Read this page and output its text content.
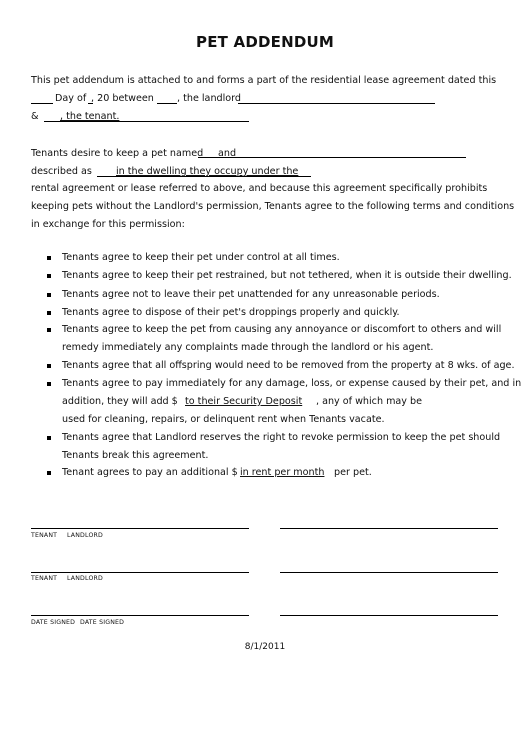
PET ADDENDUM
This pet addendum is attached to and forms a part of the residential lease agreement dated this
Day of , 20 between , the landlord
& , the tenant.
Tenants desire to keep a pet named and
described as	in the dwelling they occupy under the
rental agreement or lease referred to above, and because this agreement specifically prohibits
keeping pets without the Landlord's permission, Tenants agree to the following terms and conditions
in exchange for this permission:
Tenants agree to keep their pet under control at all times.
Tenants agree to keep their pet restrained, but not tethered, when it is outside their dwelling.
Tenants agree not to leave their pet unattended for any unreasonable periods.
Tenants agree to dispose of their pet's droppings properly and quickly.
Tenants agree to keep the pet from causing any annoyance or discomfort to others and will
remedy immediately any complaints made through the landlord or his agent.
Tenants agree that all offspring would need to be removed from the property at 8 wks. of age.
Tenants agree to pay immediately for any damage, loss, or expense caused by their pet, and in
addition, they will add $ to their Security Deposit , any of which may be
used for cleaning, repairs, or delinquent rent when Tenants vacate.
Tenants agree that Landlord reserves the right to revoke permission to keep the pet should
Tenants break this agreement.
Tenant agrees to pay an additional $ in rent per month per pet.
TENANT LANDLORD
TENANT LANDLORD
DATE SIGNED DATE SIGNED
8/1/2011
